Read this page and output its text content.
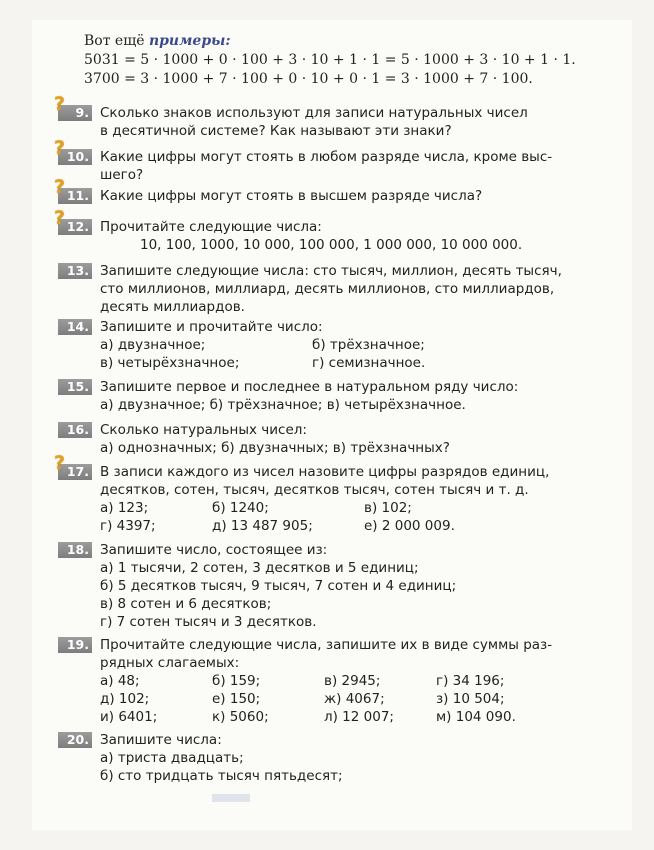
Вот ещё примеры:
5031 = 5 · 1000 + 0 · 100 + 3 · 10 + 1 · 1 = 5 · 1000 + 3 · 10 + 1 · 1.
3700 = 3 · 1000 + 7 · 100 + 0 · 10 + 0 · 1 = 3 · 1000 + 7 · 100.
? 9. Сколько знаков используют для записи натуральных чисел
в десятичной системе? Как называют эти знаки?
? 10. Какие цифры могут стоять в любом разряде числа, кроме выс-
шего?
? 11. Какие цифры могут стоять в высшем разряде числа?
? 12. Прочитайте следующие числа:
10, 100, 1000, 10 000, 100 000, 1 000 000, 10 000 000.
13. Запишите следующие числа: сто тысяч, миллион, десять тысяч,
сто миллионов, миллиард, десять миллионов, сто миллиардов,
десять миллиардов.
14. Запишите и прочитайте число:
а) двузначное;	б) трёхзначное;
в) четырёхзначное;	г) семизначное.
15. Запишите первое и последнее в натуральном ряду число:
а) двузначное; б) трёхзначное; в) четырёхзначное.
16. Сколько натуральных чисел:
а) однозначных; б) двузначных; в) трёхзначных?
? 17. В записи каждого из чисел назовите цифры разрядов единиц,
десятков, сотен, тысяч, десятков тысяч, сотен тысяч и т. д.
а) 123;	б) 1240;	в) 102;
г) 4397;	д) 13 487 905;	е) 2 000 009.
18. Запишите число, состоящее из:
а) 1 тысячи, 2 сотен, 3 десятков и 5 единиц;
б) 5 десятков тысяч, 9 тысяч, 7 сотен и 4 единиц;
в) 8 сотен и 6 десятков;
г) 7 сотен тысяч и 3 десятков.
19. Прочитайте следующие числа, запишите их в виде суммы раз-
рядных слагаемых:
а) 48;	б) 159;	в) 2945;	г) 34 196;
д) 102;	е) 150;	ж) 4067;	з) 10 504;
и) 6401;	к) 5060;	л) 12 007;	м) 104 090.
20. Запишите числа:
а) триста двадцать;
б) сто тридцать тысяч пятьдесят;
